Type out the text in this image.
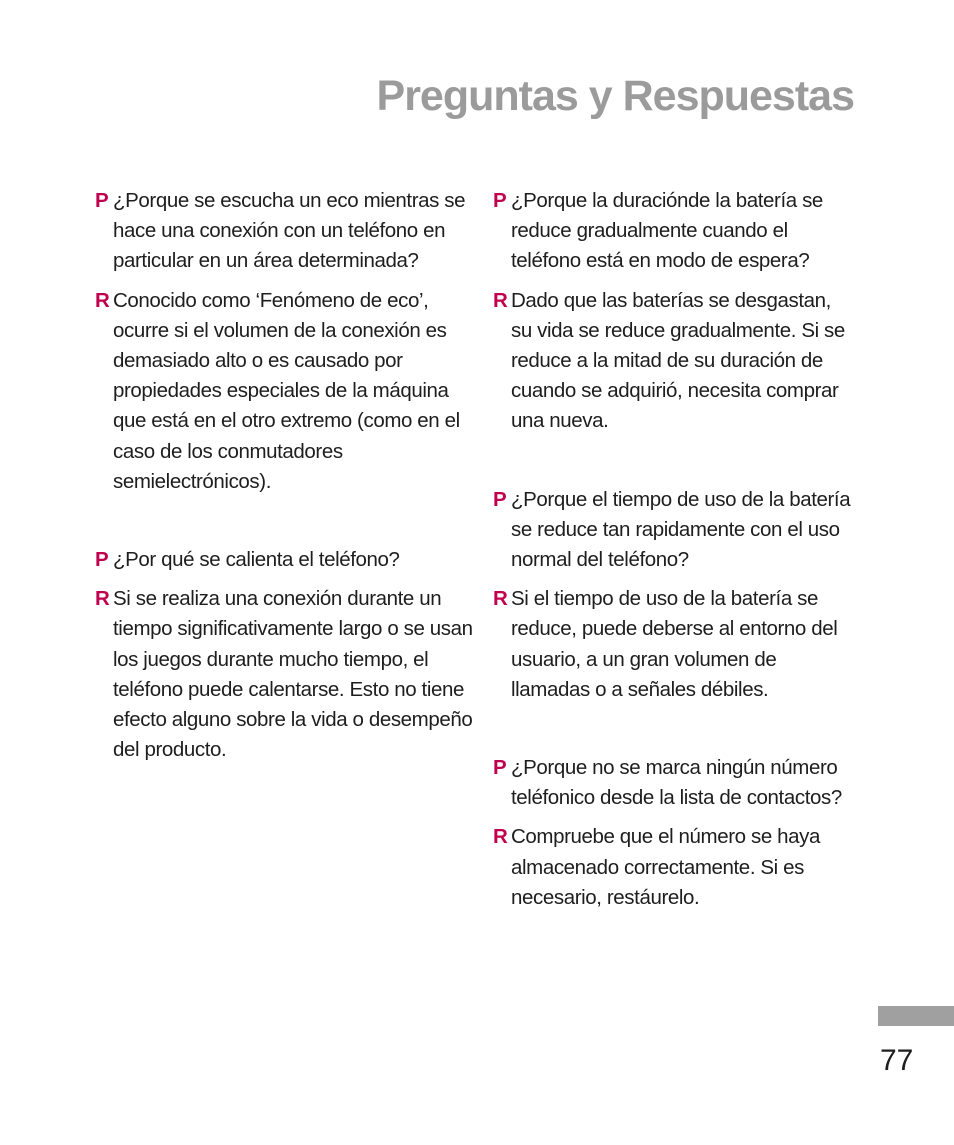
Preguntas y Respuestas
P ¿Porque se escucha un eco mientras se hace una conexión con un teléfono en particular en un área determinada?
R Conocido como ‘Fenómeno de eco’, ocurre si el volumen de la conexión es demasiado alto o es causado por propiedades especiales de la máquina que está en el otro extremo (como en el caso de los conmutadores semielectrónicos).
P ¿Por qué se calienta el teléfono?
R Si se realiza una conexión durante un tiempo significativamente largo o se usan los juegos durante mucho tiempo, el teléfono puede calentarse. Esto no tiene efecto alguno sobre la vida o desempeño del producto.
P ¿Porque la duraciónde la batería se reduce gradualmente cuando el teléfono está en modo de espera?
R Dado que las baterías se desgastan, su vida se reduce gradualmente. Si se reduce a la mitad de su duración de cuando se adquirió, necesita comprar una nueva.
P ¿Porque el tiempo de uso de la batería se reduce tan rapidamente con el uso normal del teléfono?
R Si el tiempo de uso de la batería se reduce, puede deberse al entorno del usuario, a un gran volumen de llamadas o a señales débiles.
P ¿Porque no se marca ningún número teléfonico desde la lista de contactos?
R Compruebe que el número se haya almacenado correctamente. Si es necesario, restáurelo.
77
